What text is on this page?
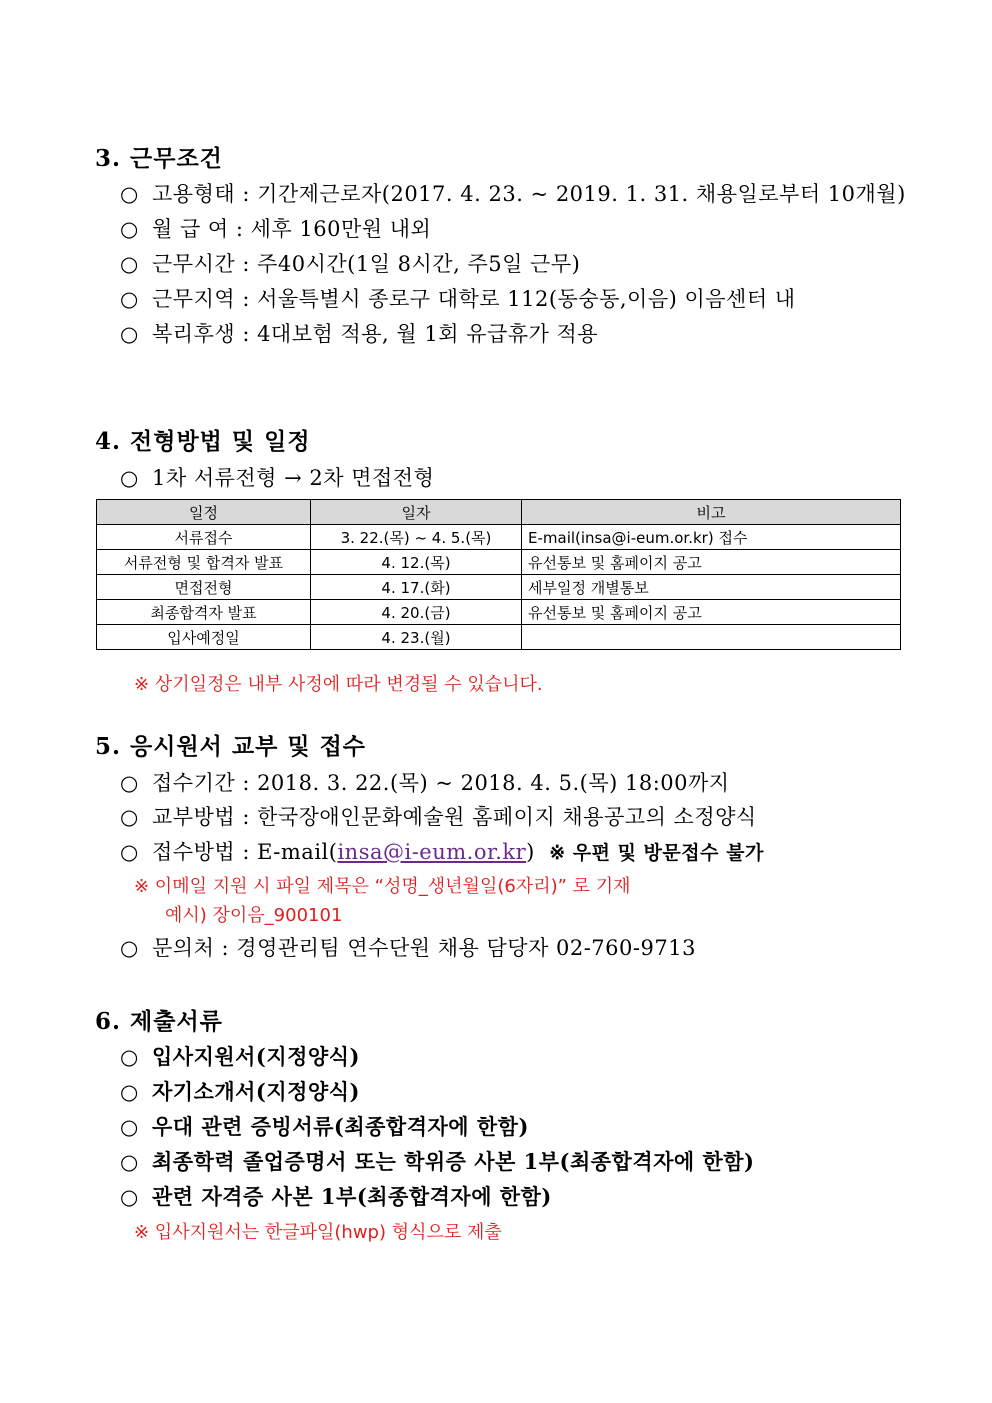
3. 근무조건
○ 고용형태 : 기간제근로자(2017. 4. 23. ~ 2019. 1. 31. 채용일로부터 10개월)
○ 월 급 여 : 세후 160만원 내외
○ 근무시간 : 주40시간(1일 8시간, 주5일 근무)
○ 근무지역 : 서울특별시 종로구 대학로 112(동숭동,이음) 이음센터 내
○ 복리후생 : 4대보험 적용, 월 1회 유급휴가 적용
4. 전형방법 및 일정
○ 1차 서류전형 → 2차 면접전형
일정	일자	비고
서류접수	3. 22.(목) ~ 4. 5.(목)	E-mail(insa@i-eum.or.kr) 접수
서류전형 및 합격자 발표	4. 12.(목)	유선통보 및 홈페이지 공고
면접전형	4. 17.(화)	세부일정 개별통보
최종합격자 발표	4. 20.(금)	유선통보 및 홈페이지 공고
입사예정일	4. 23.(월)	
※ 상기일정은 내부 사정에 따라 변경될 수 있습니다.
5. 응시원서 교부 및 접수
○ 접수기간 : 2018. 3. 22.(목) ~ 2018. 4. 5.(목) 18:00까지
○ 교부방법 : 한국장애인문화예술원 홈페이지 채용공고의 소정양식
○ 접수방법 : E-mail(insa@i-eum.or.kr) ※ 우편 및 방문접수 불가
※ 이메일 지원 시 파일 제목은 “성명_생년월일(6자리)” 로 기재
예시) 장이음_900101
○ 문의처 : 경영관리팀 연수단원 채용 담당자 02-760-9713
6. 제출서류
○ 입사지원서(지정양식)
○ 자기소개서(지정양식)
○ 우대 관련 증빙서류(최종합격자에 한함)
○ 최종학력 졸업증명서 또는 학위증 사본 1부(최종합격자에 한함)
○ 관련 자격증 사본 1부(최종합격자에 한함)
※ 입사지원서는 한글파일(hwp) 형식으로 제출
